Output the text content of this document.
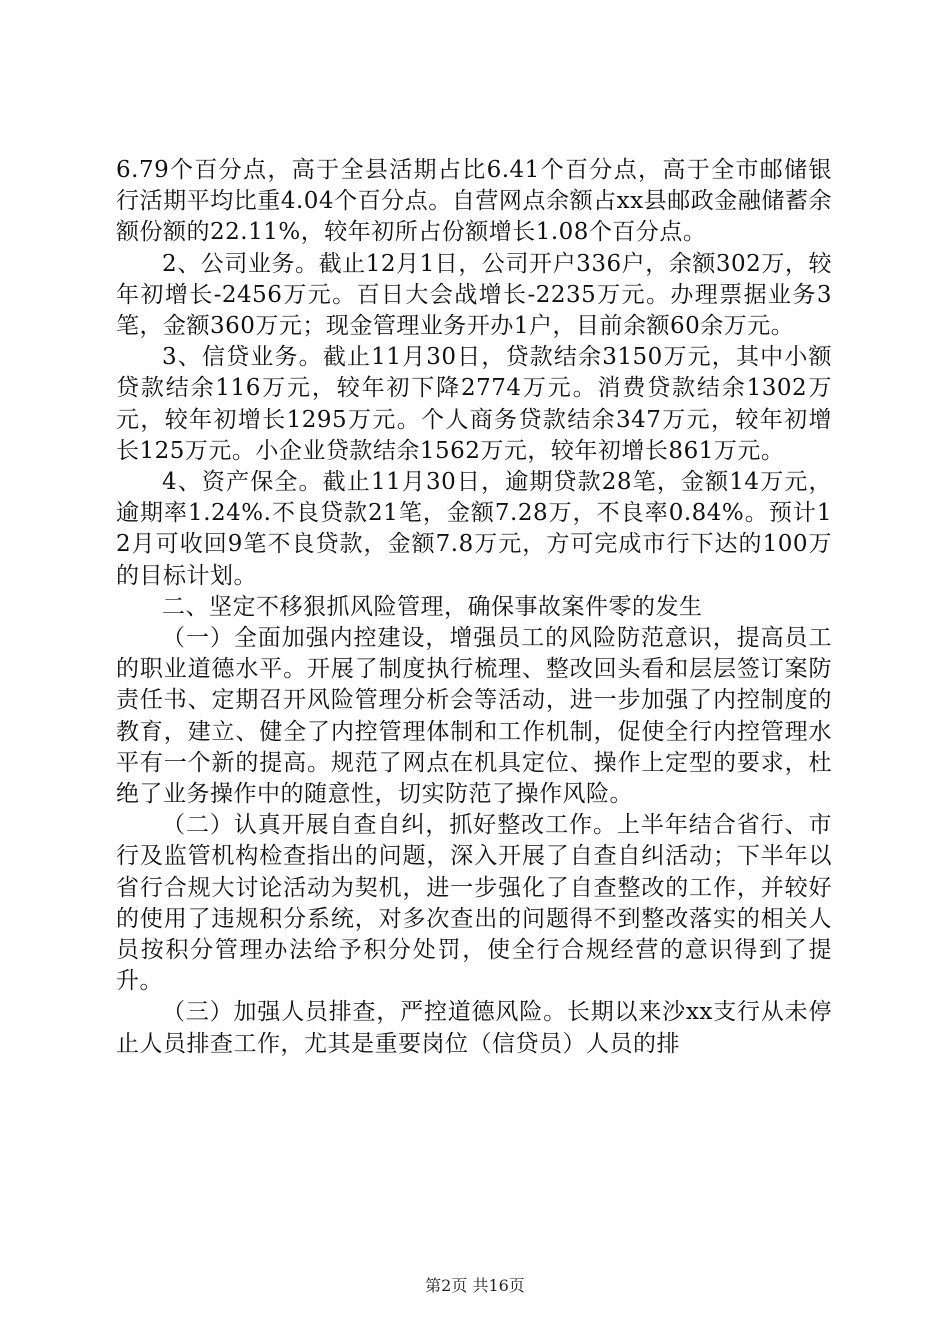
6.79个百分点，高于全县活期占比6.41个百分点，高于全市邮储银行活期平均比重4.04个百分点。自营网点余额占xx县邮政金融储蓄余额份额的22.11%，较年初所占份额增长1.08个百分点。

2、公司业务。截止12月1日，公司开户336户，余额302万，较年初增长-2456万元。百日大会战增长-2235万元。办理票据业务3笔，金额360万元；现金管理业务开办1户，目前余额60余万元。

3、信贷业务。截止11月30日，贷款结余3150万元，其中小额贷款结余116万元，较年初下降2774万元。消费贷款结余1302万元，较年初增长1295万元。个人商务贷款结余347万元，较年初增长125万元。小企业贷款结余1562万元，较年初增长861万元。

4、资产保全。截止11月30日，逾期贷款28笔，金额14万元，逾期率1.24%.不良贷款21笔，金额7.28万，不良率0.84%。预计12月可收回9笔不良贷款，金额7.8万元，方可完成市行下达的100万的目标计划。

二、坚定不移狠抓风险管理，确保事故案件零的发生

（一）全面加强内控建设，增强员工的风险防范意识，提高员工的职业道德水平。开展了制度执行梳理、整改回头看和层层签订案防责任书、定期召开风险管理分析会等活动，进一步加强了内控制度的教育，建立、健全了内控管理体制和工作机制，促使全行内控管理水平有一个新的提高。规范了网点在机具定位、操作上定型的要求，杜绝了业务操作中的随意性，切实防范了操作风险。

（二）认真开展自查自纠，抓好整改工作。上半年结合省行、市行及监管机构检查指出的问题，深入开展了自查自纠活动；下半年以省行合规大讨论活动为契机，进一步强化了自查整改的工作，并较好的使用了违规积分系统，对多次查出的问题得不到整改落实的相关人员按积分管理办法给予积分处罚，使全行合规经营的意识得到了提升。

（三）加强人员排查，严控道德风险。长期以来沙xx支行从未停止人员排查工作，尤其是重要岗位（信贷员）人员的排

第2页 共16页
